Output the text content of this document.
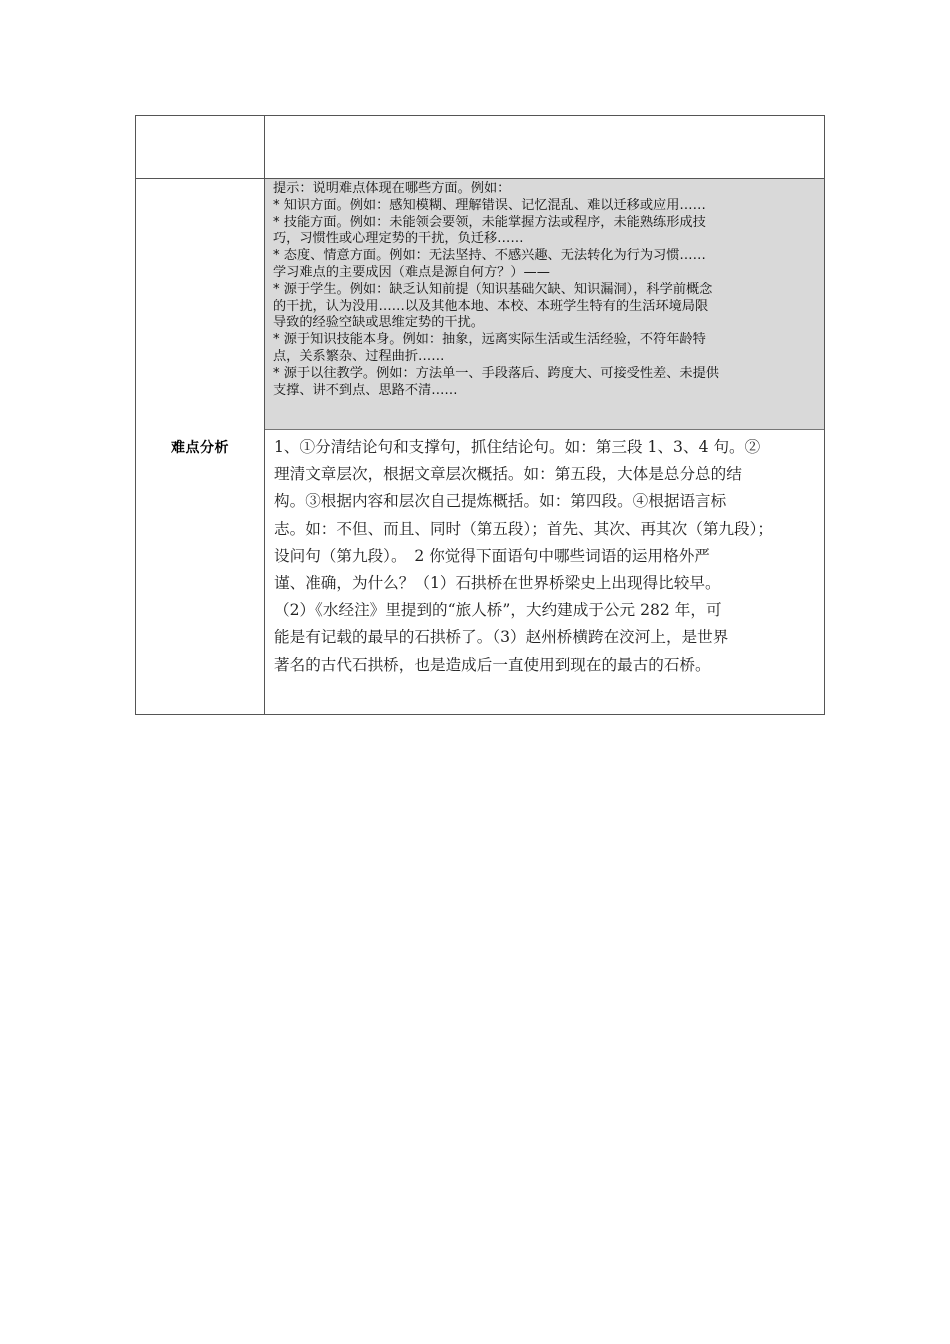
难点分析
提示：说明难点体现在哪些方面。例如：
* 知识方面。例如：感知模糊、理解错误、记忆混乱、难以迁移或应用……
* 技能方面。例如：未能领会要领，未能掌握方法或程序，未能熟练形成技
巧，习惯性或心理定势的干扰，负迁移……
* 态度、情意方面。例如：无法坚持、不感兴趣、无法转化为行为习惯……
学习难点的主要成因（难点是源自何方？）——
* 源于学生。例如：缺乏认知前提（知识基础欠缺、知识漏洞），科学前概念
的干扰，认为没用……以及其他本地、本校、本班学生特有的生活环境局限
导致的经验空缺或思维定势的干扰。
* 源于知识技能本身。例如：抽象，远离实际生活或生活经验，不符年龄特
点，关系繁杂、过程曲折……
* 源于以往教学。例如：方法单一、手段落后、跨度大、可接受性差、未提供
支撑、讲不到点、思路不清……
1、①分清结论句和支撑句，抓住结论句。如：第三段 1、3、4 句。②
理清文章层次，根据文章层次概括。如：第五段，大体是总分总的结
构。③根据内容和层次自己提炼概括。如：第四段。④根据语言标
志。如：不但、而且、同时（第五段）；首先、其次、再其次（第九段）；
设问句（第九段）。　2 你觉得下面语句中哪些词语的运用格外严
谨、准确，为什么？（1）石拱桥在世界桥梁史上出现得比较早。
（2）《水经注》里提到的“旅人桥”，大约建成于公元 282 年，可
能是有记载的最早的石拱桥了。（3）赵州桥横跨在洨河上，是世界
著名的古代石拱桥，也是造成后一直使用到现在的最古的石桥。
